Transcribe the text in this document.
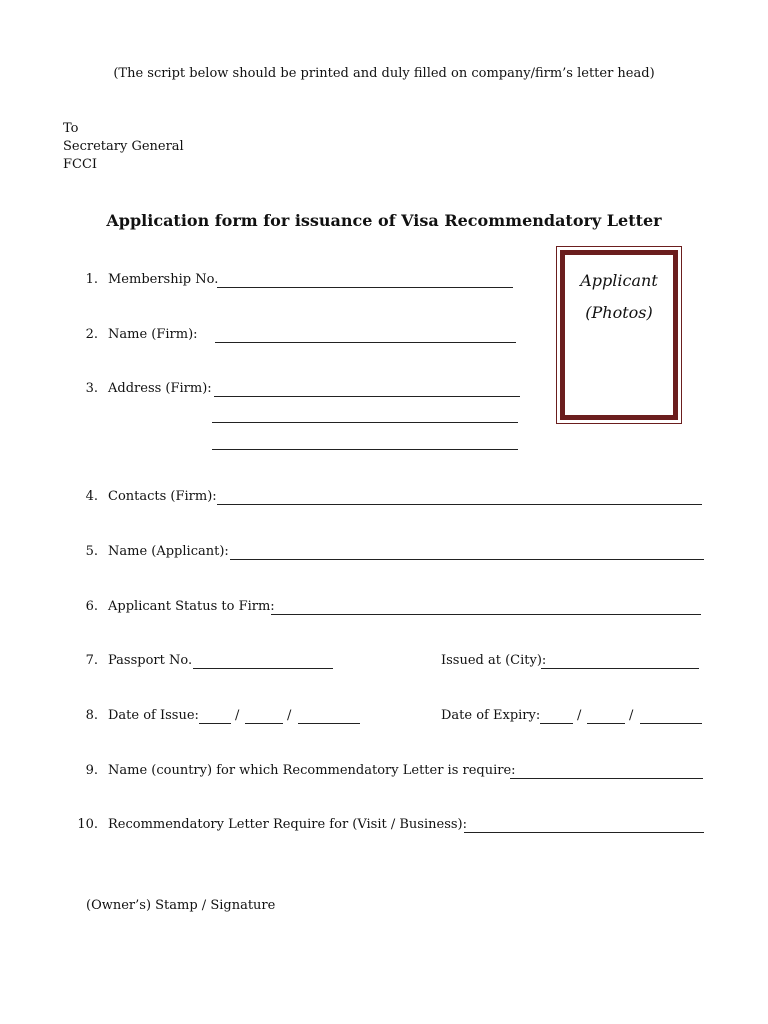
(The script below should be printed and duly filled on company/firm’s letter head)
To
Secretary General
FCCI
Application form for issuance of Visa Recommendatory Letter
Applicant
(Photos)
1. Membership No.
2. Name (Firm):
3. Address (Firm):
4. Contacts (Firm):
5. Name (Applicant):
6. Applicant Status to Firm:
7. Passport No.	Issued at (City):
8. Date of Issue:	/	/	Date of Expiry:	/	/
9. Name (country) for which Recommendatory Letter is require:
10. Recommendatory Letter Require for (Visit / Business):
(Owner’s) Stamp / Signature
